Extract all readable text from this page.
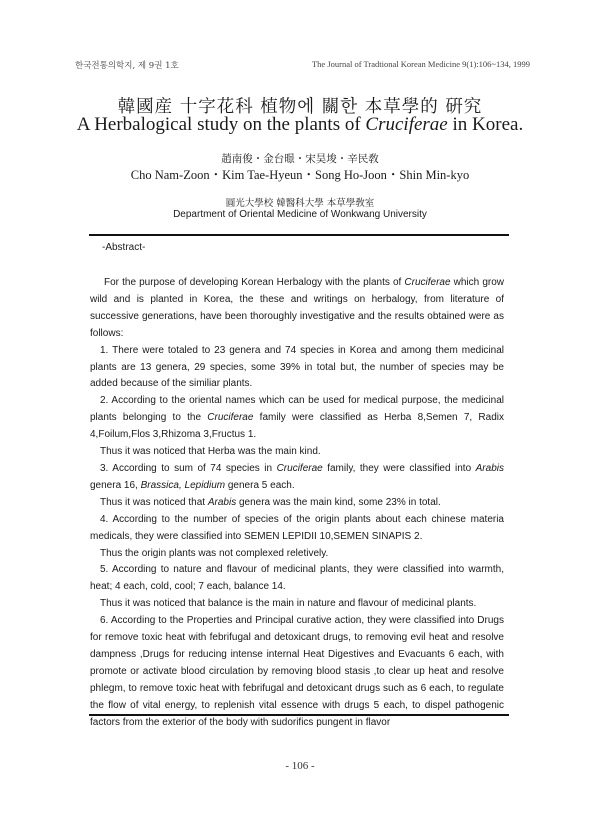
한국전통의학지, 제 9권 1호	The Journal of Tradtional Korean Medicine 9(1):106~134, 1999
韓國産 十字花科 植物에 關한 本草學的 硏究
A Herbalogical study on the plants of Cruciferae in Korea.
趙南俊・金台暻・宋昊埈・辛民敎
Cho Nam-Zoon・Kim Tae-Hyeun・Song Ho-Joon・Shin Min-kyo
圓光大學校 韓醫科大學 本草學敎室
Department of Oriental Medicine of Wonkwang University
-Abstract-

For the purpose of developing Korean Herbalogy with the plants of Cruciferae which grow wild and is planted in Korea, the these and writings on herbalogy, from literature of successive generations, have been thoroughly investigative and the results obtained were as follows:

1. There were totaled to 23 genera and 74 species in Korea and among them medicinal plants are 13 genera, 29 species, some 39% in total but, the number of species may be added because of the similiar plants.

2. According to the oriental names which can be used for medical purpose, the medicinal plants belonging to the Cruciferae family were classified as Herba 8,Semen 7, Radix 4,Foilum,Flos 3,Rhizoma 3,Fructus 1.

Thus it was noticed that Herba was the main kind.

3. According to sum of 74 species in Cruciferae family, they were classified into Arabis genera 16, Brassica, Lepidium genera 5 each.

Thus it was noticed that Arabis genera was the main kind, some 23% in total.

4. According to the number of species of the origin plants about each chinese materia medicals, they were classified into SEMEN LEPIDII 10,SEMEN SINAPIS 2.

Thus the origin plants was not complexed reletively.

5. According to nature and flavour of medicinal plants, they were classified into warmth, heat; 4 each, cold, cool; 7 each, balance 14.

Thus it was noticed that balance is the main in nature and flavour of medicinal plants.

6. According to the Properties and Principal curative action, they were classified into Drugs for remove toxic heat with febrifugal and detoxicant drugs, to removing evil heat and resolve dampness ,Drugs for reducing intense internal Heat Digestives and Evacuants 6 each, with promote or activate blood circulation by removing blood stasis ,to clear up heat and resolve phlegm, to remove toxic heat with febrifugal and detoxicant drugs such as 6 each, to regulate the flow of vital energy, to replenish vital essence with drugs 5 each, to dispel pathogenic factors from the exterior of the body with sudorifics pungent in flavor

- 106 -
